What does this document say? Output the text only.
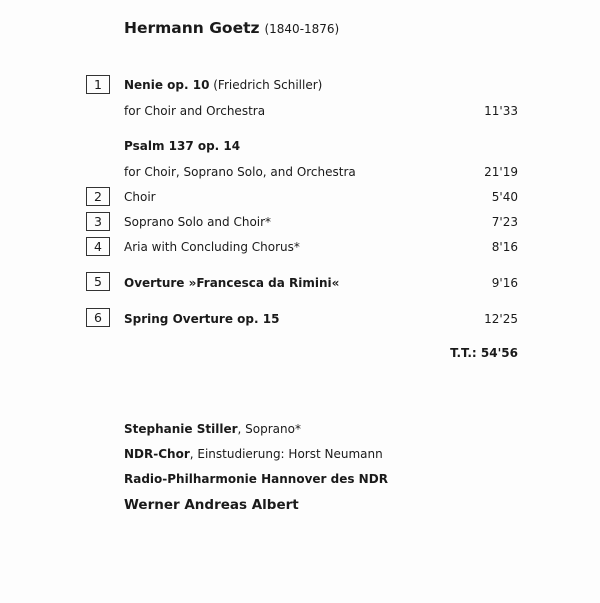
Hermann Goetz (1840-1876)
1	Nenie op. 10 (Friedrich Schiller)
for Choir and Orchestra	11'33
Psalm 137 op. 14
for Choir, Soprano Solo, and Orchestra	21'19
2	Choir	5'40
3	Soprano Solo and Choir*	7'23
4	Aria with Concluding Chorus*	8'16
5	Overture »Francesca da Rimini«	9'16
6	Spring Overture op. 15	12'25
T.T.: 54'56
Stephanie Stiller, Soprano*
NDR-Chor, Einstudierung: Horst Neumann
Radio-Philharmonie Hannover des NDR
Werner Andreas Albert
